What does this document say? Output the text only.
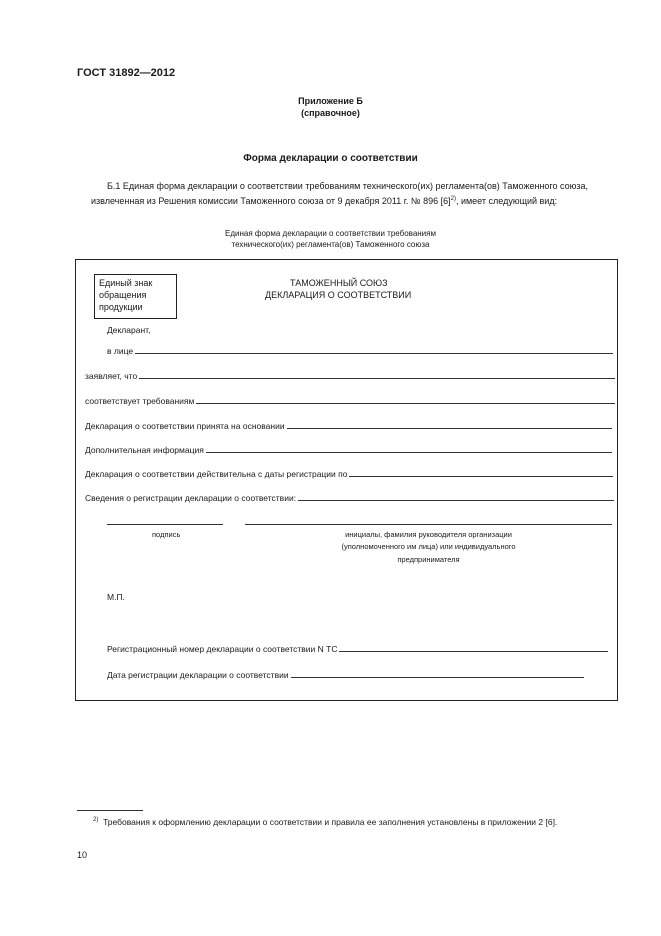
ГОСТ 31892—2012
Приложение Б
(справочное)
Форма декларации о соответствии
Б.1 Единая форма декларации о соответствии требованиям технического(их) регламента(ов) Таможенного союза, извлеченная из Решения комиссии Таможенного союза от 9 декабря 2011 г. № 896 $[6]^{2)}$, имеет следующий вид:
Единая форма декларации о соответствии требованиям
технического(их) регламента(ов) Таможенного союза
Единый знак
обращения
продукции
ТАМОЖЕННЫЙ СОЮЗ
ДЕКЛАРАЦИЯ О СООТВЕТСТВИИ
Декларант,
в лице
заявляет, что
соответствует требованиям
Декларация о соответствии принята на основании
Дополнительная информация
Декларация о соответствии действительна с даты регистрации по
Сведения о регистрации декларации о соответствии:
подпись	инициалы, фамилия руководителя организации
(уполномоченного им лица) или индивидуального
предпринимателя
М.П.
Регистрационный номер декларации о соответствии N ТС
Дата регистрации декларации о соответствии
$^{2)}$ Требования к оформлению декларации о соответствии и правила ее заполнения установлены в приложении 2 [6].
10
